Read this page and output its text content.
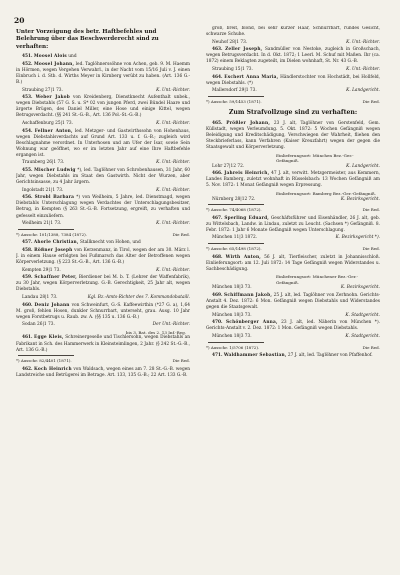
20
Unter Vorzeigung des betr. Haftbefehles und Belehrung über das Beschwerderecht sind zu verhaften:
451. Moosel Alois und
452. Moosel Johann, led. Taglöhnerssöhne von Achen, geb. 9. M. Haemm in Hörmen, wegen Vergehen Verwahrl., in der Nacht vom 15/16 Juli v. J. einen Einbruch i. d. Stb. d. Wirths Meyer in Kirnberg verübt zu haben. (Art. 136 G.-B.)
Straubing 27|1 73.	K. Unt.-Richter.
453. Weber Jakob von Kreidenberg, Dienstknecht Aufenthalt unbek., wegen Diebstahls (57 G. S. u. S* 02 von jungen Pferd, zwei Bündel Haare und ärgerte Brügen, des Daniel Miller, eine Hose und einige Kittel, wegen Betrugsverdacht. (§§ 241 St.-G.-B., Art. 136 Pol.-St.-G.-B.)
Aschaffenburg 25|1 73.	K. Unt.-Richter.
454. Fellner Anton, led. Metzger- und Gastwirthssohn von Hohenhaus, wegen Diebstahlsverdachts auf Grund Art. 133 u. f. G.-B.; zugleich wird Beschlagnahme verordnet. In Unterhosen und am Ufer der Isar, sowie Sein Wohnung war geöffnet, wo er im letzten Jahr auf eine Ihre Haftbefehle ergangen ist.
Traunberg 26|1 73.	K. Unt.-Richter.
455. Mischer Ludwig *), led. Taglöhner von Schrobenhausen, 31 Jahr, 60 Jahr, wegen Diebstahls im Staat den Gastwirth. Nicht der Wurzen, aber Gerichtsinsasse, zu 4 Jahr ärgern.
Ingolstadt 21|1 73.	K. Unt.-Richter.
456. Strobl Barbara *) von Weilheim, 5 Jahre, led. Dienstmagd, wegen Diebstahls Unterschlagung wegen Verdachtes der Unterschlagungsbesitzer, Betrug, in Kempten (§ 263 St.-G.-B. Fortsetzung, ergreift, zu verhaften und gefesselt einzuliefern.
Weilheim 21|1 73.	K. Unt.-Richter.
*) Ausschr. 101/1388, 7384 (1872).	Die Red.
457. Ahorle Christian, Stallknecht von Hohen, und
458. Rößner Joseph von Kerzenmanz, in Tirol, wegen der am 30. März l. J. in einem Hause erfolgten bei Fußmarsch das Alter der Betroffenen wegen Körperverletzung. (§ 223 St.-G.-B., Art. 136 G.-B.)
Kempten 29|1 73.	K. Unt.-Richter.
459. Schaffner Peter, Bierdiener bei M. b. T. (Lehrer der Waffenfabrik), zu 30 Jahr, wegen Körperverletzung. G.-B. Gerechtigkeit, 25 Jahr alt, wegen Diebstahls.
Landau 28|1 73.	Kgl. Bz.-Amts-Richter des 7. Kommandobataill.
460. Deniz Johann von Schweinfurt, G.-S. Kaffeewirthin (*27 G. a), 1,64 M. groß, fehlen Hosen, dunkler Schnurrbart, unterseht, grau. Ausg. 10 Jahr wegen Forstbetrugs u. Raub. zw. A. (§§ 135 u. 136 G.-B.)
Sodan 26|1 73.	Der Unt.-Richter.
bis 3. Bat. des 2. 13 Inf.-Reg.
461. Egge Kleis, Schreinergeselle und Tischlersohn, wegen Diebstahls an Fabrikant in Sch. des Hammerwerk in Kleinsteimlingen, 2 Jahr. (§ 242 St.-G.-B., Art. 136 G.-B.)
*) Ausschr. 82/4401 (1871).	Die Red.
462. Koch Heinrich von Waldsach, wegen eines am 7. 28 St.-G.-B. wegen Landstreiche und Betrügerei im Betrage. Art. 133, 135 G.-B.; 22 Art. 133 G.-B.
groß, breit, blond, bei sehr kurzer Haar, Schnurrbart, rundes Gesicht, schwarze Schuhe.
Neuhof 28|1 73.	K. Unt.-Richter.
463. Zeller Joseph, Sandmüller von Nestoke, zugleich in Großschach, wegen Betrugsverdacht. In d. Okt. 1872; 1 Leerl. M. Schuf mit Maßen. Ihr (ca. 1872) einem Beklagten zugeteilt, im Dielen wohnhaft, St. Nr. 43 G.-B.
Straubing 15|1 73.	K. Unt.-Richter.
464. Eschert Anna Maria, Händlerstochter von Hochstädt, bei Hollfeld, wegen Diebstahls. (*)
Mallersdorf 29|1 73.	K. Landgericht.
*) Ausschr. 59/1453 (1871).	Die Red.
Zum Strafvollzuge sind zu verhaften:
465. Prößler Johann, 23 J. alt, Taglöhner von Gerstenfeld, Gem. Küllstadt, wegen Verleumdung. 5. Okt. 1872: 5 Wochen Gefängniß wegen Beleidigung und Kreditschädigung, Verschwiegen der Wahrheit, fliehen den Steckbrieferlass, kann Verfahren (Kaiser Kreuzfahrt) wegen der gegen die Staatsgewalt und Körperverletzung.
Einlieferungsort: München Bez.-Ger.-Gefängniß.
Lohr 27|12 72.	K. Landgericht.
466. Jahreis Heinrich, 47 J. alt, verwitt. Metzgermeister, aus Kemmern, Landes Bamberg, zuletzt wohnhaft in Rüsselsbach: 13 Wochen Gefängniß am 5. Nov. 1872: 1 Monat Gefängniß wegen Erpressung.
Einlieferungsort: Bamberg Bez.-Ger.-Gefängniß.
Nürnberg 28|12 72.	K. Bezirksgericht.
*) Ausschr. 74/4068 (1872).	Die Red.
467. Sperling Eduard, Geschäftsführer und Eisenhändler, 26 J. alt, geb. zu Wittelsbach, Landw. in Lindau, zuletzt zu Leucht. (Sachsen *) Gefängniß. 8. Febr. 1872: 1 Jahr 6 Monate Gefängniß wegen Unterschlagung.
München 11|3 1872.	K. Bezirksgericht *).
*) Ausschr. 65/1498 (1872).	Die Red.
468. Wirth Anton, 56 J. alt, Tierfleischer, zuletzt in Johannisschloß. Einlieferungsort: am 12. Juli 1872: 14 Tage Gefängniß wegen Widerstandes u. Sachbeschädigung.
Einlieferungsort: Münchener Bez.-Ger.-Gefängniß.
München 18|3 73.	K. Bezirksgericht.
469. Schiffmann Jakob, 25 J. alt, led. Taglöhner von Zerhnohn. Gerichts-Anstalt 4. Dez. 1872: 6 Mon. Gefängniß wegen Diebstahls und Widerstandes gegen die Staatsgewalt.
München 18|3 73.	K. Stadtgericht.
470. Schönberger Anna, 23 J. alt, led. Näherin von München *). Gerichts-Anstalt v. 2. Dez. 1872: 1 Mon. Gefängniß wegen Diebstahls.
München 18|3 73.	K. Stadtgericht.
*) Ausschr. 1/5706 (1872).	Die Red.
471. Waldhammer Sebastian, 27 J. alt, led. Taglöhner von Pfaffenhof.
